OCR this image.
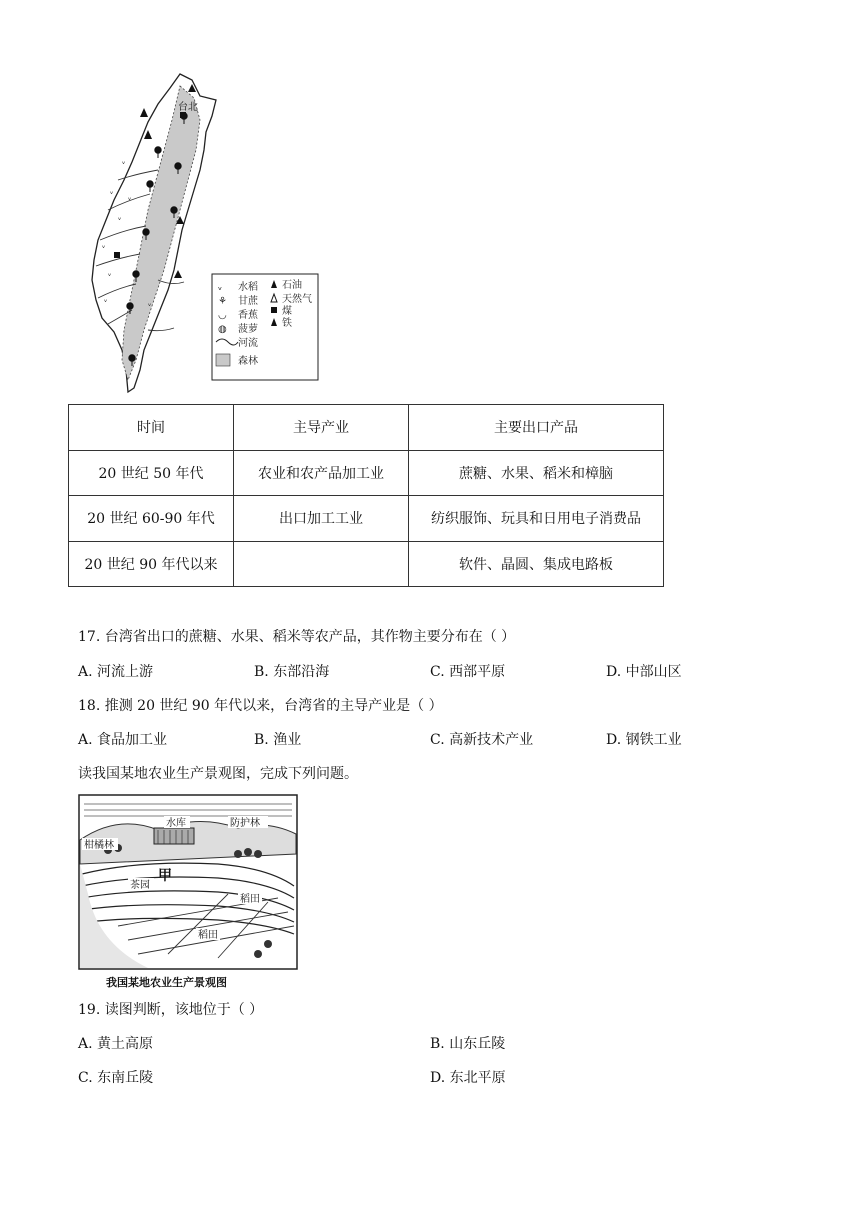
ᵥ
ᵥ
ᵥ
ᵥ
ᵥ
ᵥ
ᵥ	ᵥ
台北
ᵥ
⚘
◡
◍
水稻
甘蔗
香蕉
菠萝
河流
森林
石油
天然气
煤
铁
时间	主导产业	主要出口产品
20 世纪 50 年代	农业和农产品加工业	蔗糖、水果、稻米和樟脑
20 世纪 60-90 年代	出口加工工业	纺织服饰、玩具和日用电子消费品
20 世纪 90 年代以来		软件、晶圆、集成电路板
17. 台湾省出口的蔗糖、水果、稻米等农产品，其作物主要分布在（ ）
A. 河流上游	B. 东部沿海	C. 西部平原	D. 中部山区
18. 推测 20 世纪 90 年代以来，台湾省的主导产业是（ ）
A. 食品加工业	B. 渔业	C. 高新技术产业	D. 钢铁工业
读我国某地农业生产景观图，完成下列问题。
水库	防护林
柑橘林
甲
茶园
稻田
稻田
我国某地农业生产景观图
19. 读图判断，该地位于（ ）
A. 黄土高原	B. 山东丘陵
C. 东南丘陵	D. 东北平原
